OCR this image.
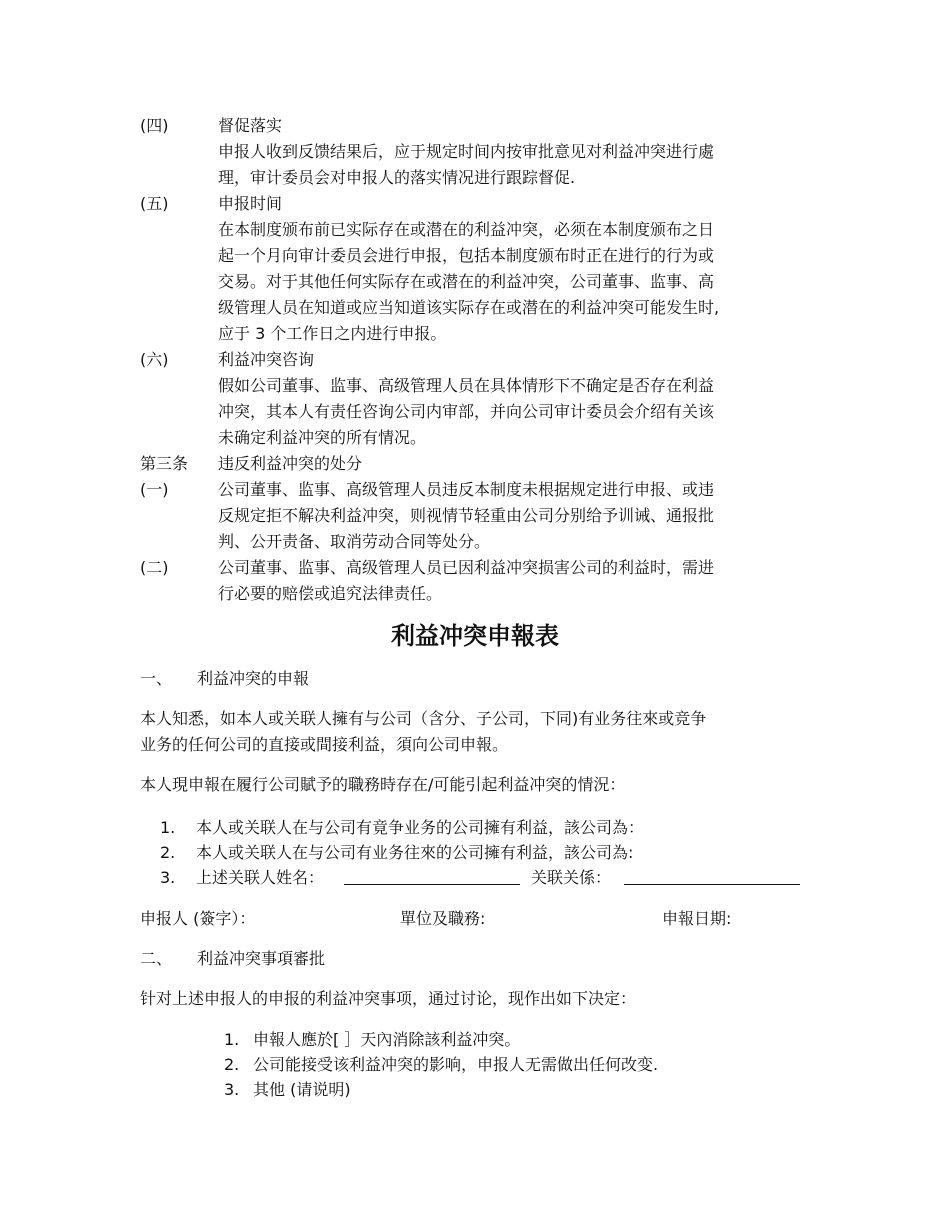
(四)	督促落实
申报人收到反馈结果后，应于规定时间内按审批意见对利益冲突进行處
理，审计委员会对申报人的落实情况进行跟踪督促.
(五)	申报时间
在本制度颁布前已实际存在或潜在的利益冲突，必须在本制度颁布之日
起一个月向审计委员会进行申报，包括本制度颁布时正在进行的行为或
交易。对于其他任何实际存在或潜在的利益冲突，公司董事、监事、高
级管理人员在知道或应当知道该实际存在或潜在的利益冲突可能发生时,
应于 3 个工作日之内进行申报。
(六)	利益冲突咨询
假如公司董事、监事、高级管理人员在具体情形下不确定是否存在利益
冲突，其本人有责任咨询公司内审部，并向公司审计委员会介绍有关该
未确定利益冲突的所有情况。
第三条 违反利益冲突的处分
(一)	公司董事、监事、高级管理人员违反本制度未根据规定进行申报、或违
反规定拒不解决利益冲突，则视情节轻重由公司分别给予训诫、通报批
判、公开责备、取消劳动合同等处分。
(二)	公司董事、监事、高级管理人员已因利益冲突损害公司的利益时，需进
行必要的赔偿或追究法律责任。
利益冲突申報表
一、 利益冲突的申報
本人知悉，如本人或关联人擁有与公司（含分、子公司，下同)有业务往來或竞争
业务的任何公司的直接或間接利益，須向公司申報。
本人現申報在履行公司賦予的職務時存在/可能引起利益冲突的情況：
1. 本人或关联人在与公司有竟争业务的公司擁有利益，該公司為：
2. 本人或关联人在与公司有业务往來的公司擁有利益，該公司為:
3. 上述关联人姓名：	关联关係：
申报人 (簽字）：	單位及職務:	申報日期:
二、 利益冲突事項審批
针对上述申报人的申报的利益冲突事项，通过讨论，现作出如下决定：
1. 申報人應於[ ］天內消除該利益冲突。
2. 公司能接受该利益冲突的影响，申报人无需做出任何改变.
3. 其他 (请说明)
